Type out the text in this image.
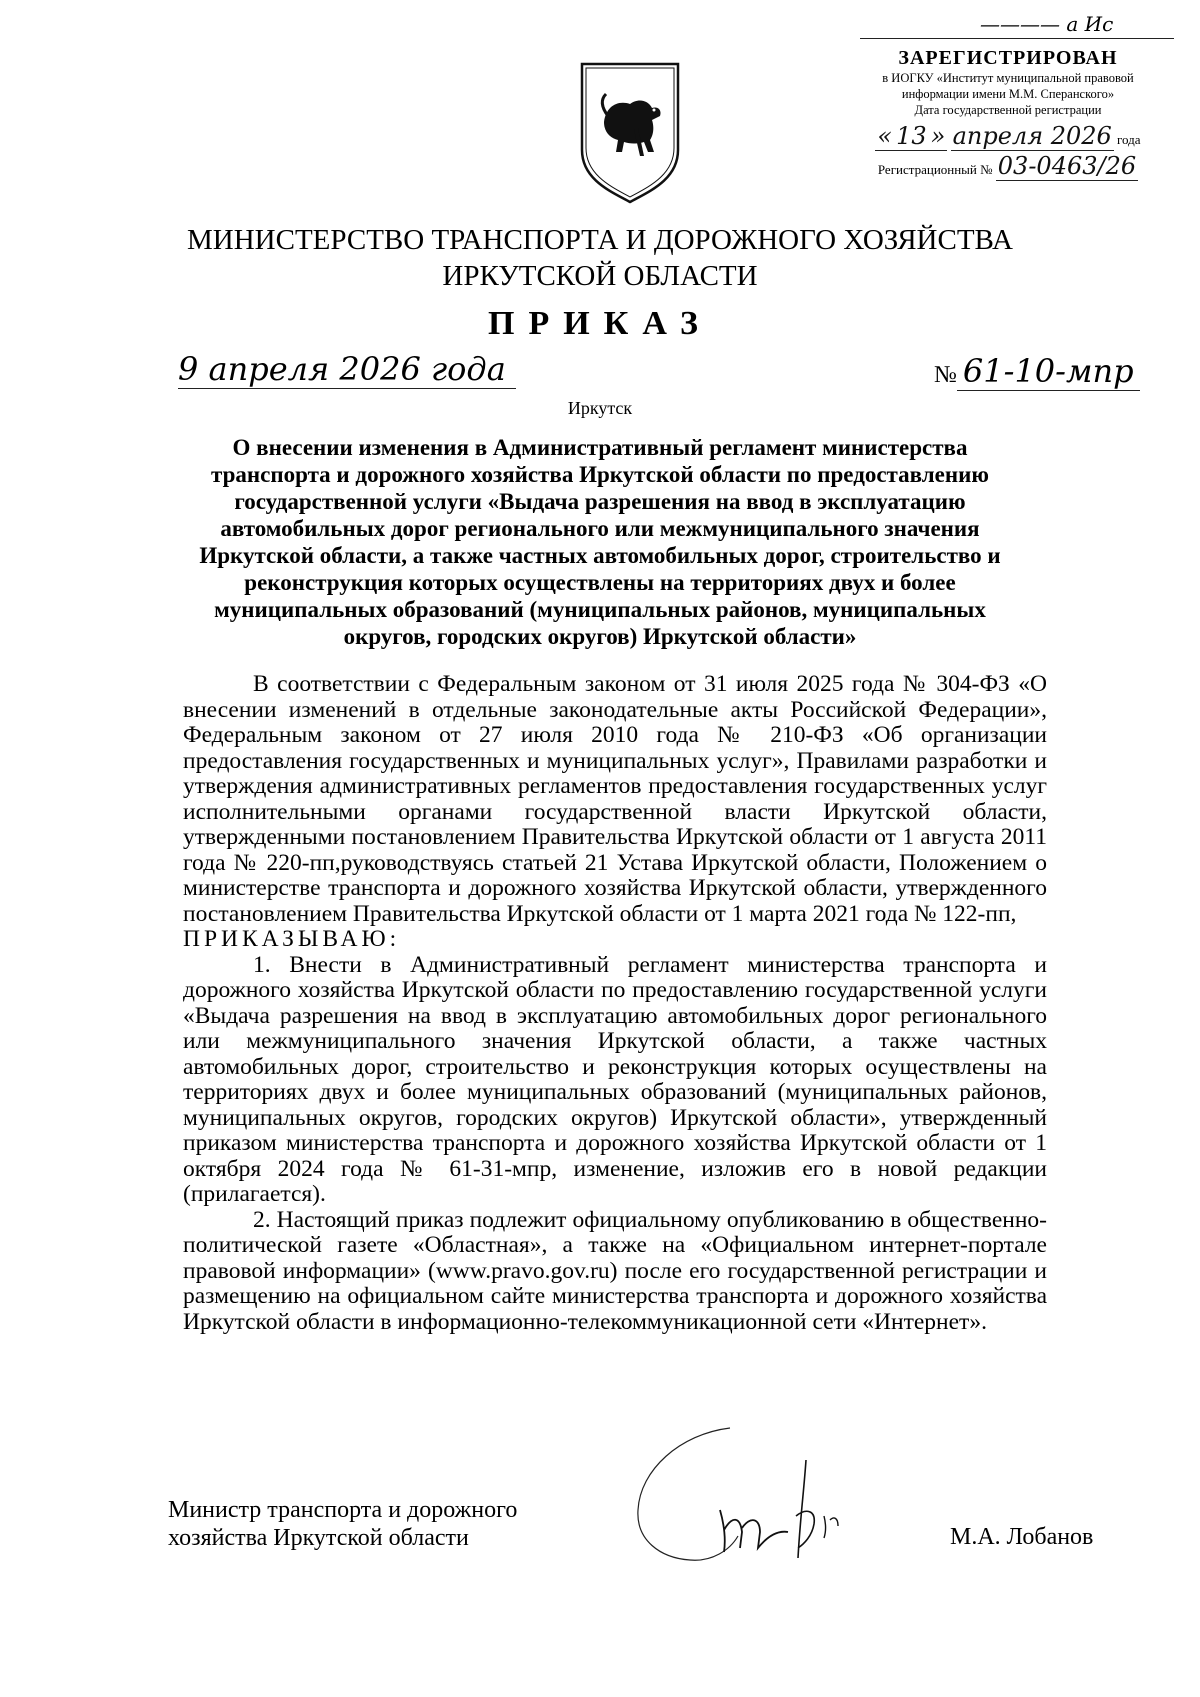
———— а Ис
ЗАРЕГИСТРИРОВАН
в ИОГКУ «Институт муниципальной правовой
информации имени М.М. Сперанского»
Дата государственной регистрации
« 13 » апреля 2026 года
Регистрационный № 03-0463/26
МИНИСТЕРСТВО ТРАНСПОРТА И ДОРОЖНОГО ХОЗЯЙСТВА
ИРКУТСКОЙ ОБЛАСТИ
ПРИКАЗ
9 апреля 2026 года	№ 61-10-мпр
Иркутск
О внесении изменения в Административный регламент министерства транспорта и дорожного хозяйства Иркутской области по предоставлению государственной услуги «Выдача разрешения на ввод в эксплуатацию автомобильных дорог регионального или межмуниципального значения Иркутской области, а также частных автомобильных дорог, строительство и реконструкция которых осуществлены на территориях двух и более муниципальных образований (муниципальных районов, муниципальных округов, городских округов) Иркутской области»

В соответствии с Федеральным законом от 31 июля 2025 года № 304-ФЗ «О внесении изменений в отдельные законодательные акты Российской Федерации», Федеральным законом от 27 июля 2010 года № 210-ФЗ «Об организации предоставления государственных и муниципальных услуг», Правилами разработки и утверждения административных регламентов предоставления государственных услуг исполнительными органами государственной власти Иркутской области, утвержденными постановлением Правительства Иркутской области от 1 августа 2011 года № 220-пп,руководствуясь статьей 21 Устава Иркутской области, Положением о министерстве транспорта и дорожного хозяйства Иркутской области, утвержденного постановлением Правительства Иркутской области от 1 марта 2021 года № 122-пп,

ПРИКАЗЫВАЮ:

1. Внести в Административный регламент министерства транспорта и дорожного хозяйства Иркутской области по предоставлению государственной услуги «Выдача разрешения на ввод в эксплуатацию автомобильных дорог регионального или межмуниципального значения Иркутской области, а также частных автомобильных дорог, строительство и реконструкция которых осуществлены на территориях двух и более муниципальных образований (муниципальных районов, муниципальных округов, городских округов) Иркутской области», утвержденный приказом министерства транспорта и дорожного хозяйства Иркутской области от 1 октября 2024 года № 61-31-мпр, изменение, изложив его в новой редакции (прилагается).

2. Настоящий приказ подлежит официальному опубликованию в общественно-политической газете «Областная», а также на «Официальном интернет-портале правовой информации» (www.pravo.gov.ru) после его государственной регистрации и размещению на официальном сайте министерства транспорта и дорожного хозяйства Иркутской области в информационно-телекоммуникационной сети «Интернет».

Министр транспорта и дорожного
хозяйства Иркутской области	М.А. Лобанов
